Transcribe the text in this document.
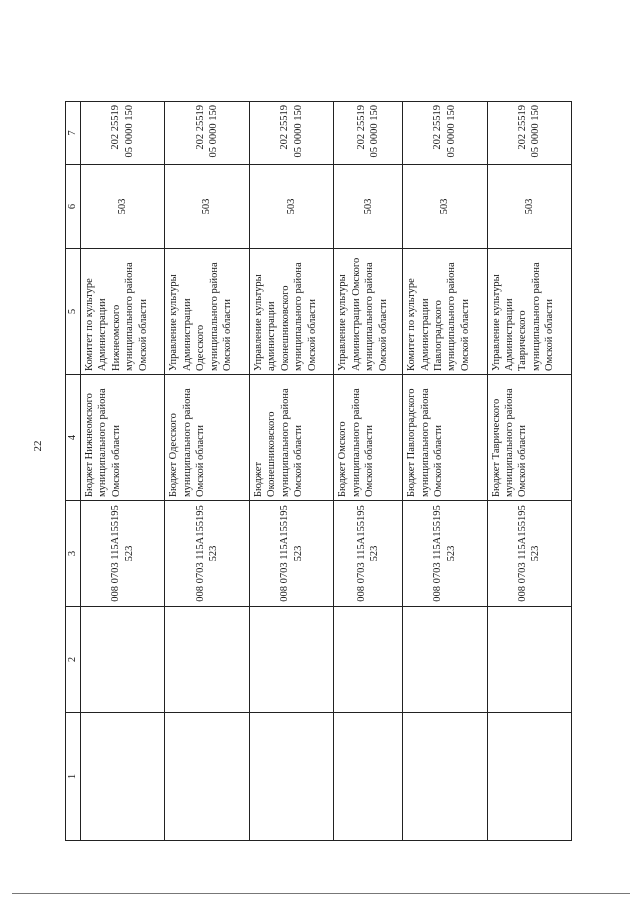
22
1	2	3	4	5	6	7
		008 0703 115A155195 523	Бюджет Нижнеомского муниципального района Омской области	Комитет по культуре Администрации Нижнеомского муниципального района Омской области	503	202 25519 05 0000 150
		008 0703 115A155195 523	Бюджет Одесского муниципального района Омской области	Управление культуры Администрации Одесского муниципального района Омской области	503	202 25519 05 0000 150
		008 0703 115A155195 523	Бюджет Оконешниковского муниципального района Омской области	Управление культуры администрации Оконешниковского муниципального района Омской области	503	202 25519 05 0000 150
		008 0703 115A155195 523	Бюджет Омского муниципального района Омской области	Управление культуры Администрации Омского муниципального района Омской области	503	202 25519 05 0000 150
		008 0703 115A155195 523	Бюджет Павлоградского муниципального района Омской области	Комитет по культуре Администрации Павлоградского муниципального района Омской области	503	202 25519 05 0000 150
		008 0703 115A155195 523	Бюджет Таврического муниципального района Омской области	Управление культуры Администрации Таврического муниципального района Омской области	503	202 25519 05 0000 150
